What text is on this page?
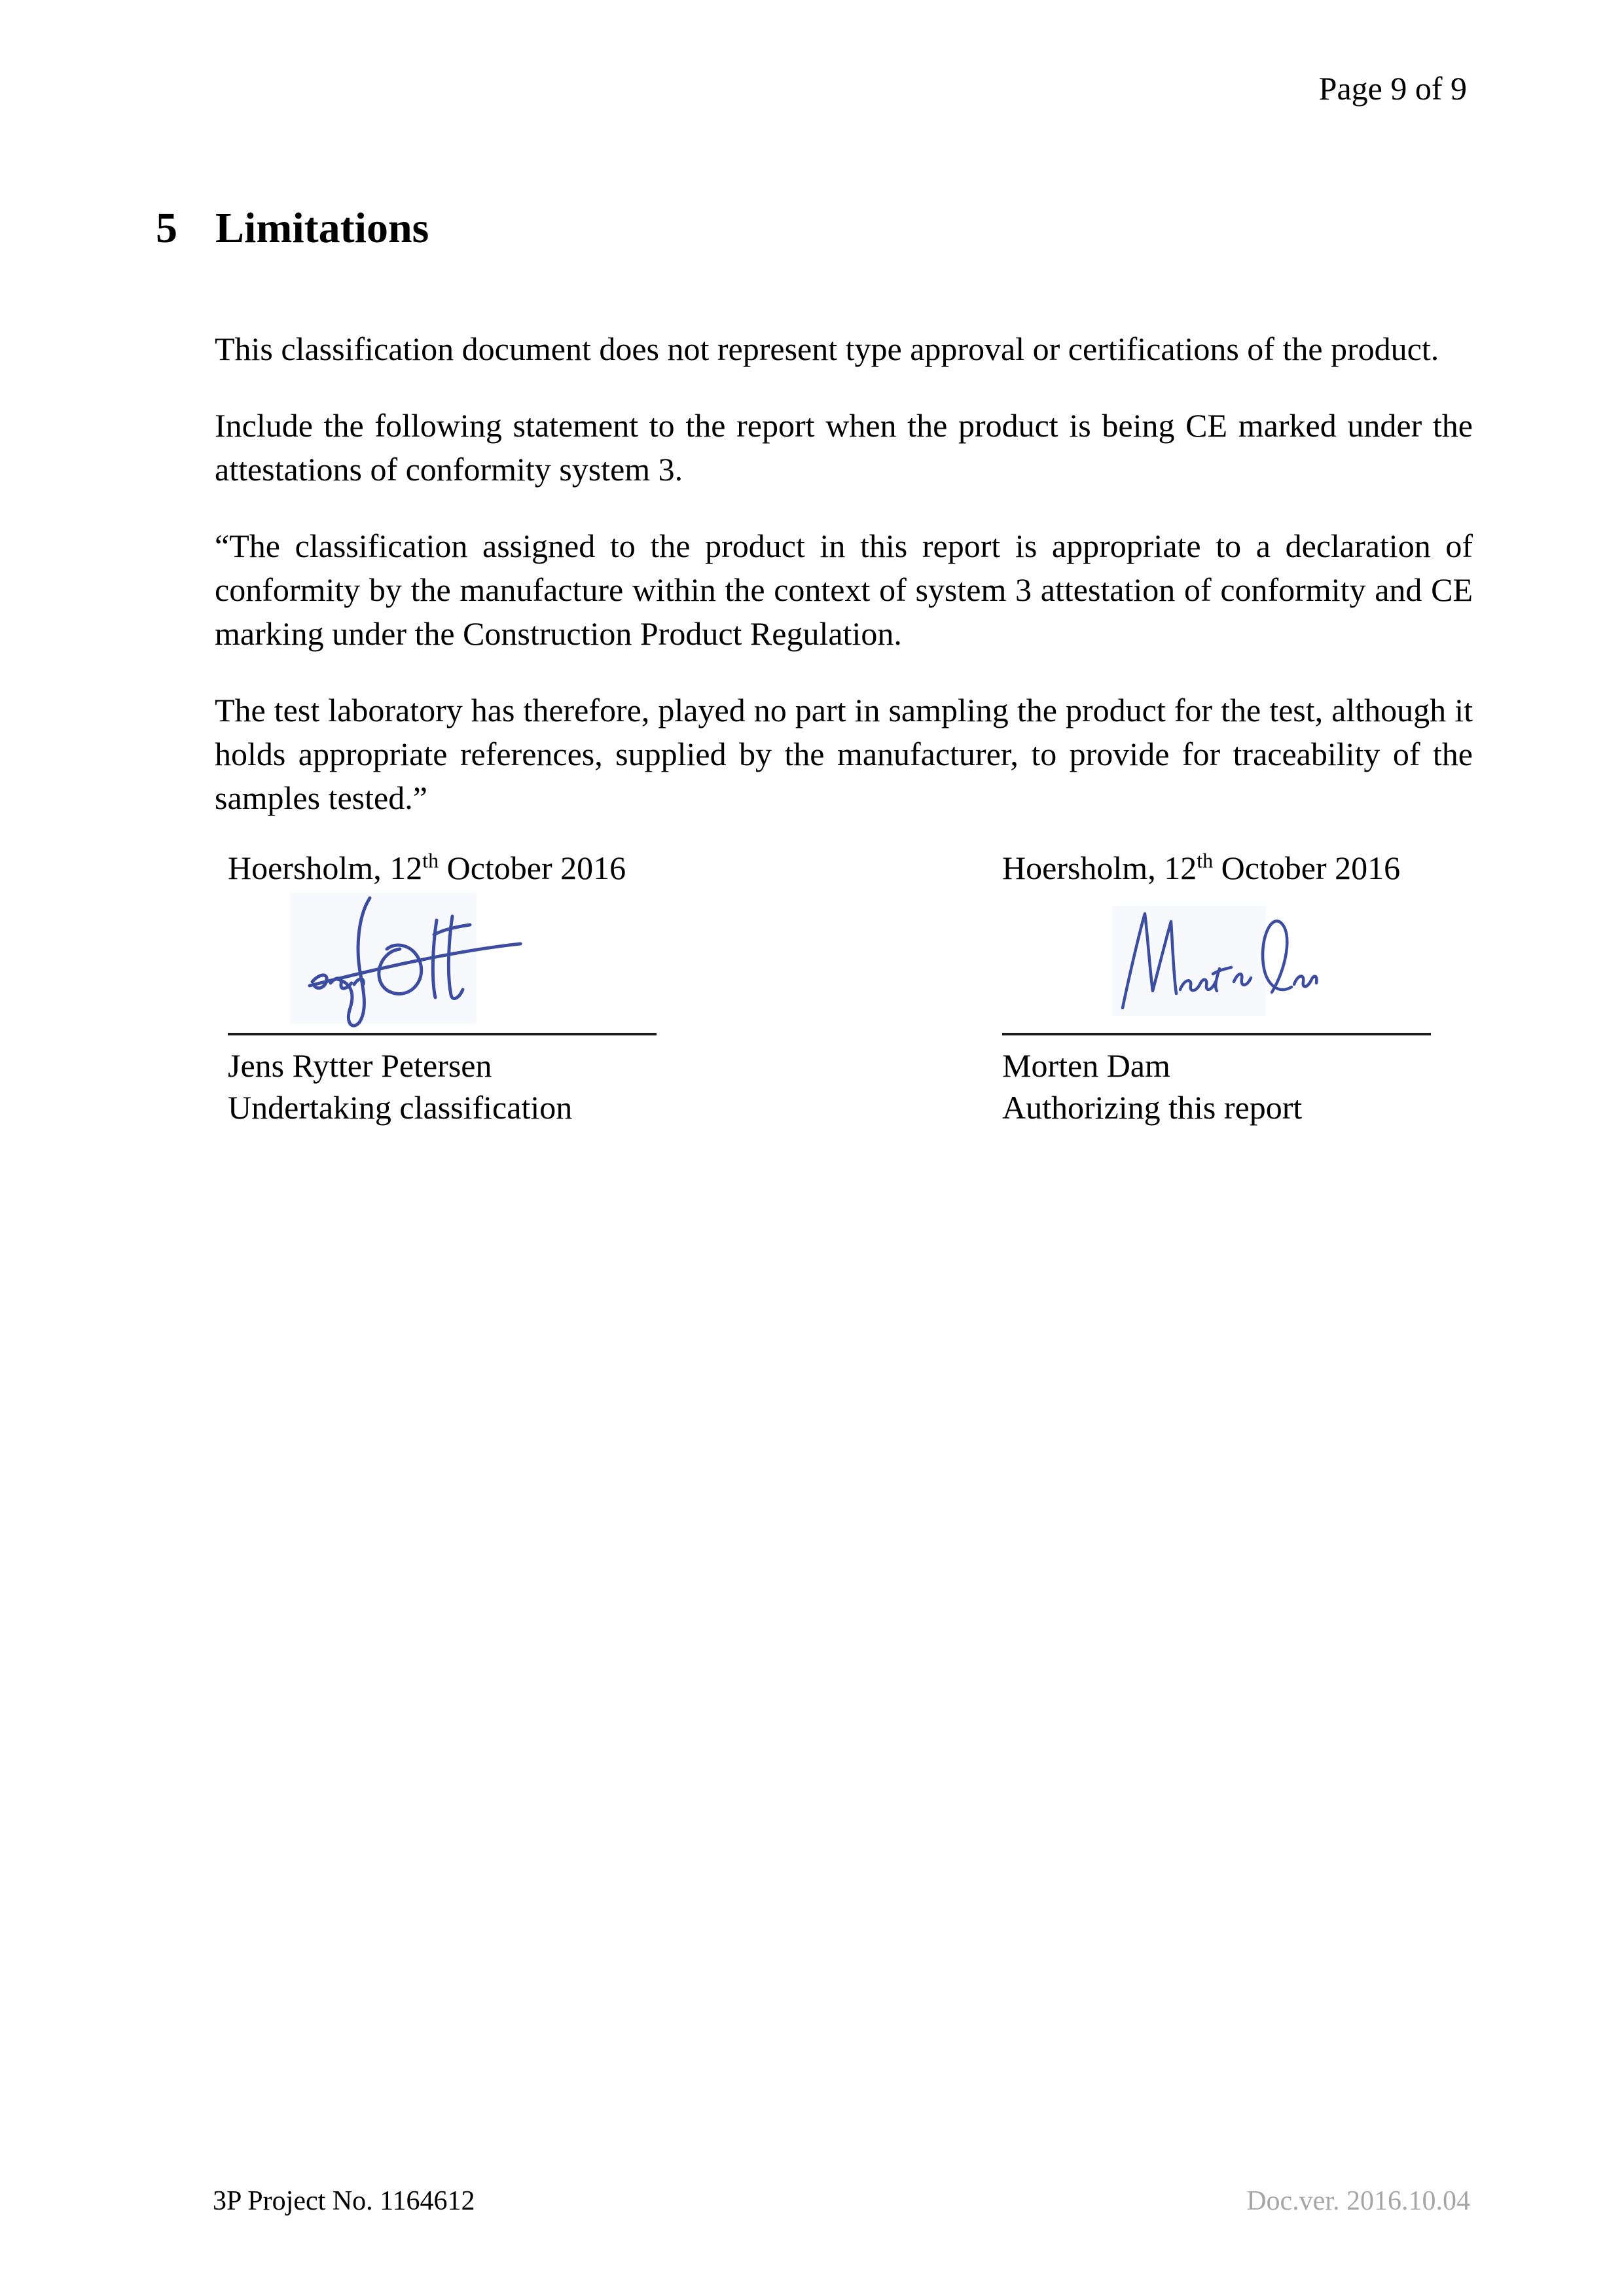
Page 9 of 9
5 Limitations
This classification document does not represent type approval or certifications of the product.
Include the following statement to the report when the product is being CE marked under the
attestations of conformity system 3.
“The classification assigned to the product in this report is appropriate to a declaration of
conformity by the manufacture within the context of system 3 attestation of conformity and CE
marking under the Construction Product Regulation.
The test laboratory has therefore, played no part in sampling the product for the test, although it
holds appropriate references, supplied by the manufacturer, to provide for traceability of the
samples tested.”
Hoersholm, 12th October 2016
Jens Rytter Petersen
Undertaking classification
Hoersholm, 12th October 2016
Morten Dam
Authorizing this report
3P Project No. 1164612	Doc.ver. 2016.10.04
